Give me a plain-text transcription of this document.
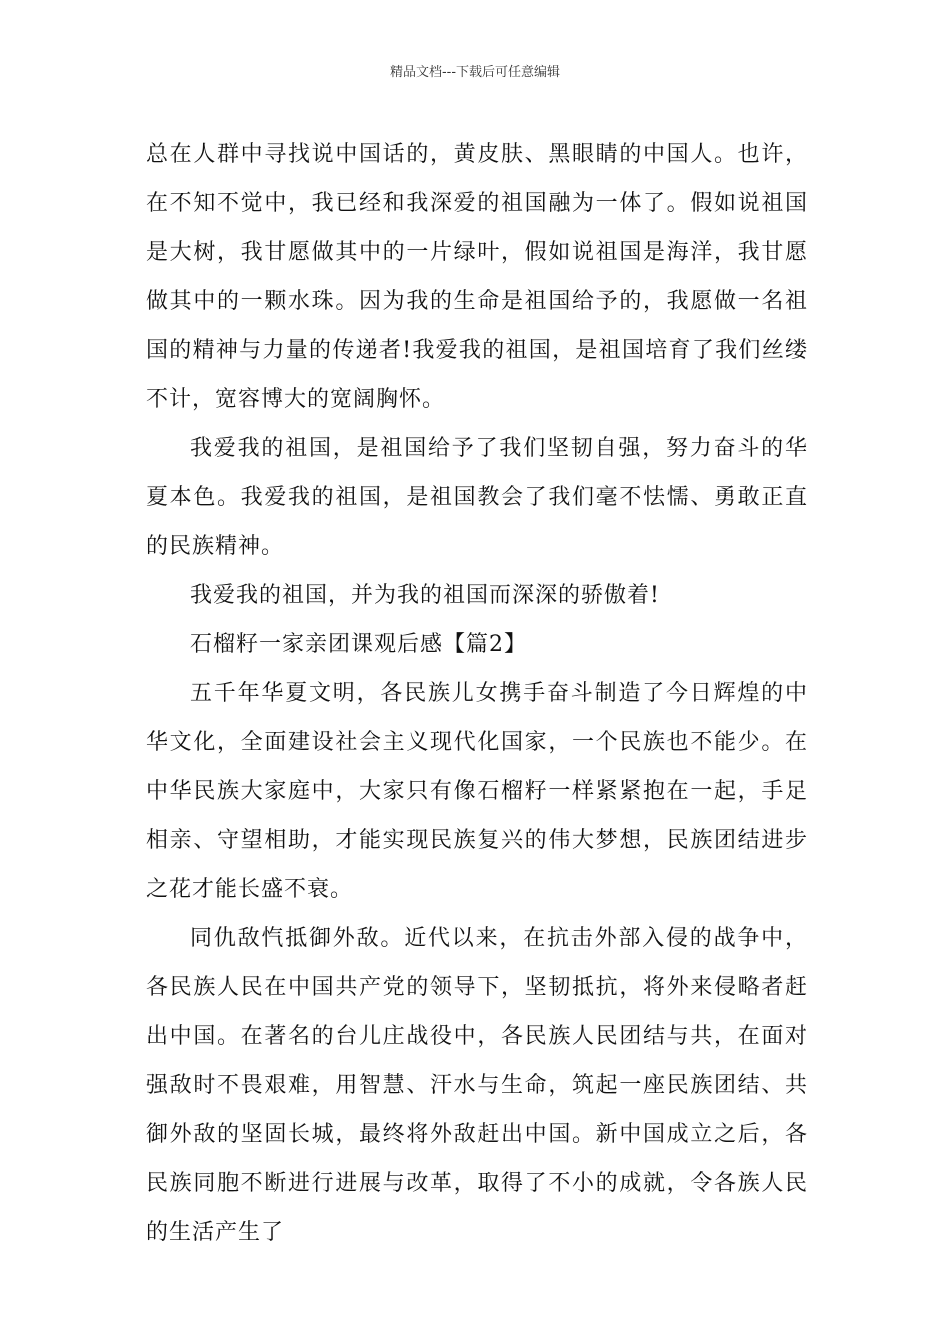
精品文档---下载后可任意编辑

总在人群中寻找说中国话的，黄皮肤、黑眼睛的中国人。也许，在不知不觉中，我已经和我深爱的祖国融为一体了。假如说祖国是大树，我甘愿做其中的一片绿叶，假如说祖国是海洋，我甘愿做其中的一颗水珠。因为我的生命是祖国给予的，我愿做一名祖国的精神与力量的传递者!我爱我的祖国，是祖国培育了我们丝缕不计，宽容博大的宽阔胸怀。

我爱我的祖国，是祖国给予了我们坚韧自强，努力奋斗的华夏本色。我爱我的祖国，是祖国教会了我们毫不怯懦、勇敢正直的民族精神。

我爱我的祖国，并为我的祖国而深深的骄傲着!

石榴籽一家亲团课观后感【篇2】

五千年华夏文明，各民族儿女携手奋斗制造了今日辉煌的中华文化，全面建设社会主义现代化国家，一个民族也不能少。在中华民族大家庭中，大家只有像石榴籽一样紧紧抱在一起，手足相亲、守望相助，才能实现民族复兴的伟大梦想，民族团结进步之花才能长盛不衰。

同仇敌忾抵御外敌。近代以来，在抗击外部入侵的战争中，各民族人民在中国共产党的领导下，坚韧抵抗，将外来侵略者赶出中国。在著名的台儿庄战役中，各民族人民团结与共，在面对强敌时不畏艰难，用智慧、汗水与生命，筑起一座民族团结、共御外敌的坚固长城，最终将外敌赶出中国。新中国成立之后，各民族同胞不断进行进展与改革，取得了不小的成就，令各族人民的生活产生了
